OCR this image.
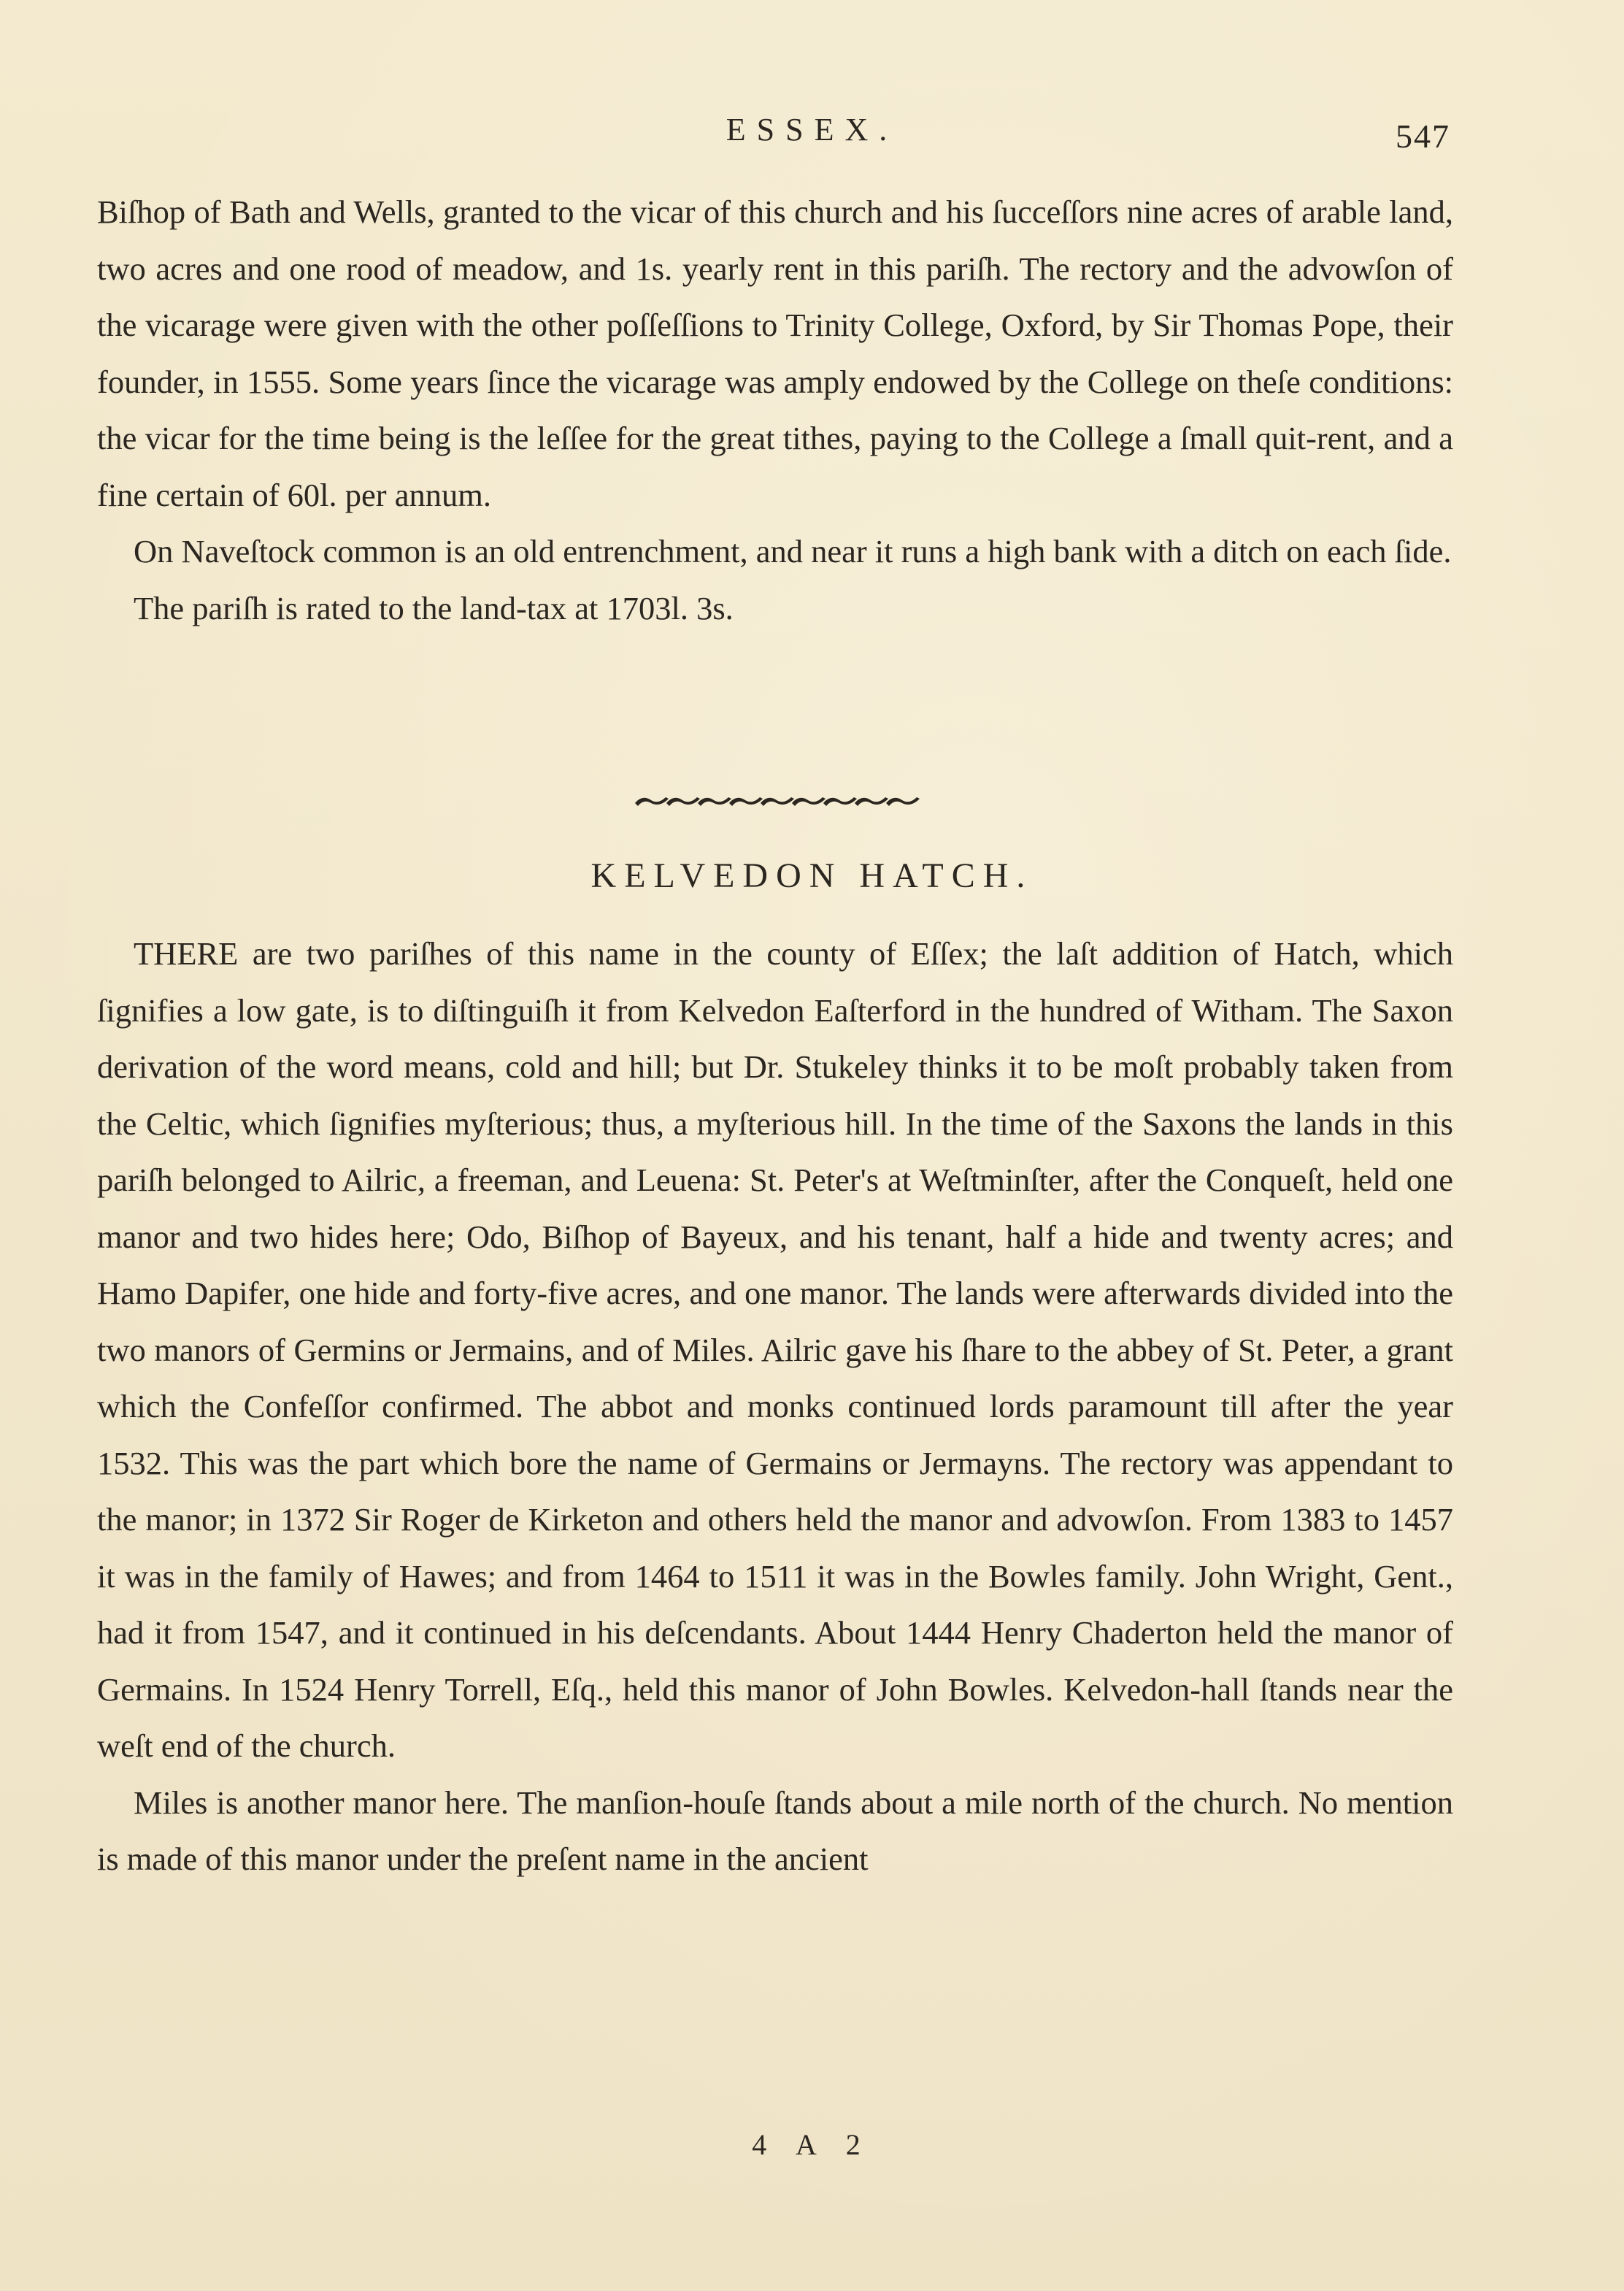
ESSEX.	547

Biſhop of Bath and Wells, granted to the vicar of this church and his ſucceſſors nine acres of arable land, two acres and one rood of meadow, and 1s. yearly rent in this pariſh. The rectory and the advowſon of the vicarage were given with the other poſſeſſions to Trinity College, Oxford, by Sir Thomas Pope, their founder, in 1555. Some years ſince the vicarage was amply endowed by the College on theſe conditions: the vicar for the time being is the leſſee for the great tithes, paying to the College a ſmall quit-rent, and a fine certain of 60l. per annum.

On Naveſtock common is an old entrenchment, and near it runs a high bank with a ditch on each ſide.

The pariſh is rated to the land-tax at 1703l. 3s.

KELVEDON HATCH.

THERE are two pariſhes of this name in the county of Eſſex; the laſt addition of Hatch, which ſignifies a low gate, is to diſtinguiſh it from Kelvedon Eaſterford in the hundred of Witham. The Saxon derivation of the word means, cold and hill; but Dr. Stukeley thinks it to be moſt probably taken from the Celtic, which ſignifies myſterious; thus, a myſterious hill. In the time of the Saxons the lands in this pariſh belonged to Ailric, a freeman, and Leuena: St. Peter's at Weſtminſter, after the Conqueſt, held one manor and two hides here; Odo, Biſhop of Bayeux, and his tenant, half a hide and twenty acres; and Hamo Dapifer, one hide and forty-five acres, and one manor. The lands were afterwards divided into the two manors of Germins or Jermains, and of Miles. Ailric gave his ſhare to the abbey of St. Peter, a grant which the Confeſſor confirmed. The abbot and monks continued lords paramount till after the year 1532. This was the part which bore the name of Germains or Jermayns. The rectory was appendant to the manor; in 1372 Sir Roger de Kirketon and others held the manor and advowſon. From 1383 to 1457 it was in the family of Hawes; and from 1464 to 1511 it was in the Bowles family. John Wright, Gent., had it from 1547, and it continued in his deſcendants. About 1444 Henry Chaderton held the manor of Germains. In 1524 Henry Torrell, Eſq., held this manor of John Bowles. Kelvedon-hall ſtands near the weſt end of the church.

Miles is another manor here. The manſion-houſe ſtands about a mile north of the church. No mention is made of this manor under the preſent name in the ancient

4 A 2
